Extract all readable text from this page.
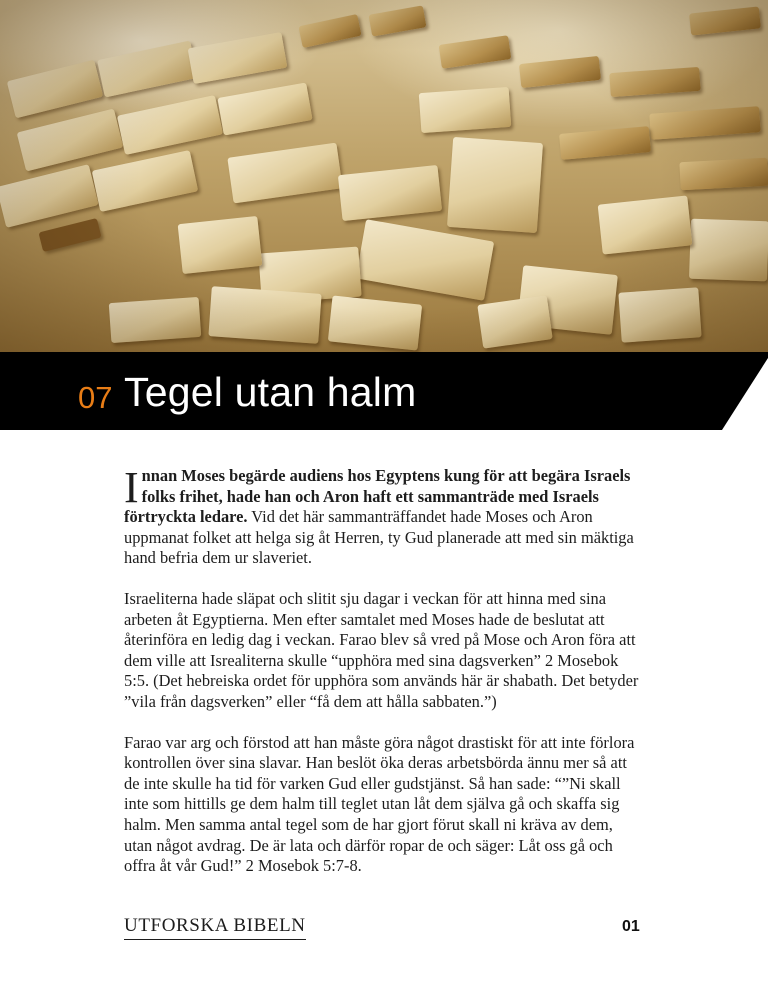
07 Tegel utan halm

Innan Moses begärde audiens hos Egyptens kung för att begära Israels folks frihet, hade han och Aron haft ett sammanträde med Israels förtryckta ledare. Vid det här sammanträffandet hade Moses och Aron uppmanat folket att helga sig åt Herren, ty Gud planerade att med sin mäktiga hand befria dem ur slaveriet.

Israeliterna hade släpat och slitit sju dagar i veckan för att hinna med sina arbeten åt Egyptierna. Men efter samtalet med Moses hade de beslutat att återinföra en ledig dag i veckan. Farao blev så vred på Mose och Aron föra att dem ville att Isrealiterna skulle “upphöra med sina dagsverken” 2 Mosebok 5:5. (Det hebreiska ordet för upphöra som används här är shabath. Det betyder ”vila från dagsverken” eller “få dem att hålla sabbaten.”)

Farao var arg och förstod att han måste göra något drastiskt för att inte förlora kontrollen över sina slavar. Han beslöt öka deras arbetsbörda ännu mer så att de inte skulle ha tid för varken Gud eller gudstjänst. Så han sade: “”Ni skall inte som hittills ge dem halm till teglet utan låt dem själva gå och skaffa sig halm. Men samma antal tegel som de har gjort förut skall ni kräva av dem, utan något avdrag. De är lata och därför ropar de och säger: Låt oss gå och offra åt vår Gud!” 2 Mosebok 5:7-8.

UTFORSKA BIBELN	01
